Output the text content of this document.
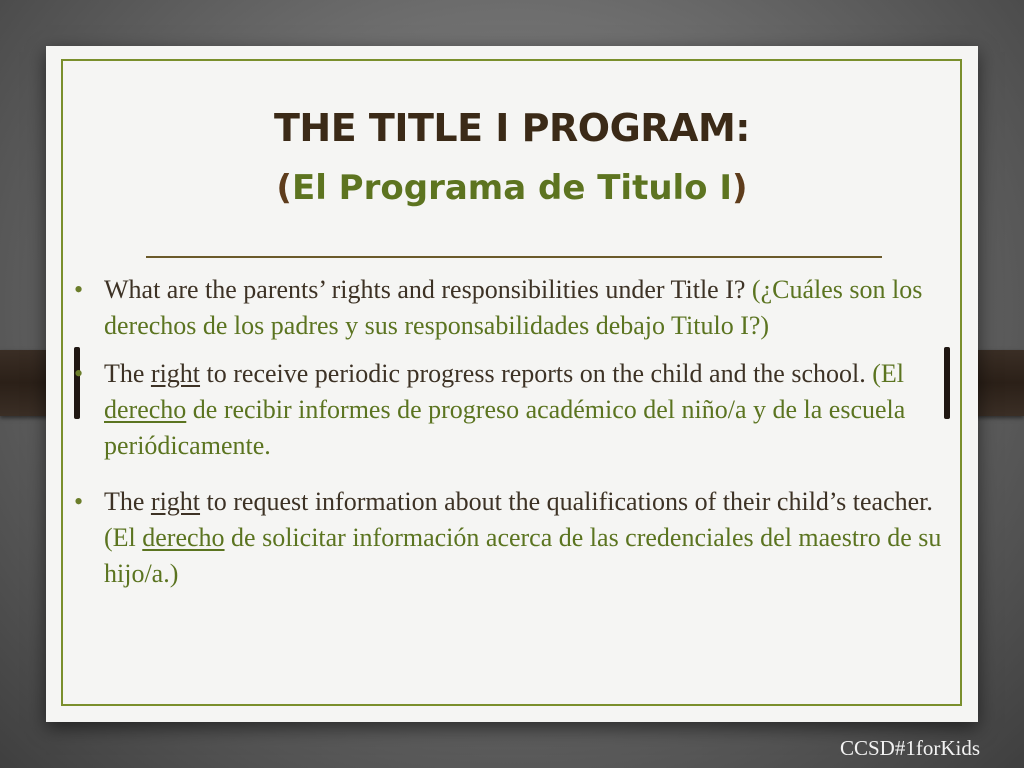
THE TITLE I PROGRAM:
(El Programa de Titulo I)
• What are the parents’ rights and responsibilities under Title I? (¿Cuáles son los derechos de los padres y sus responsabilidades debajo Titulo I?)
• The right to receive periodic progress reports on the child and the school. (El derecho de recibir informes de progreso académico del niño/a y de la escuela periódicamente.
• The right to request information about the qualifications of their child’s teacher. (El derecho de solicitar información acerca de las credenciales del maestro de su hijo/a.)
CCSD#1forKids
